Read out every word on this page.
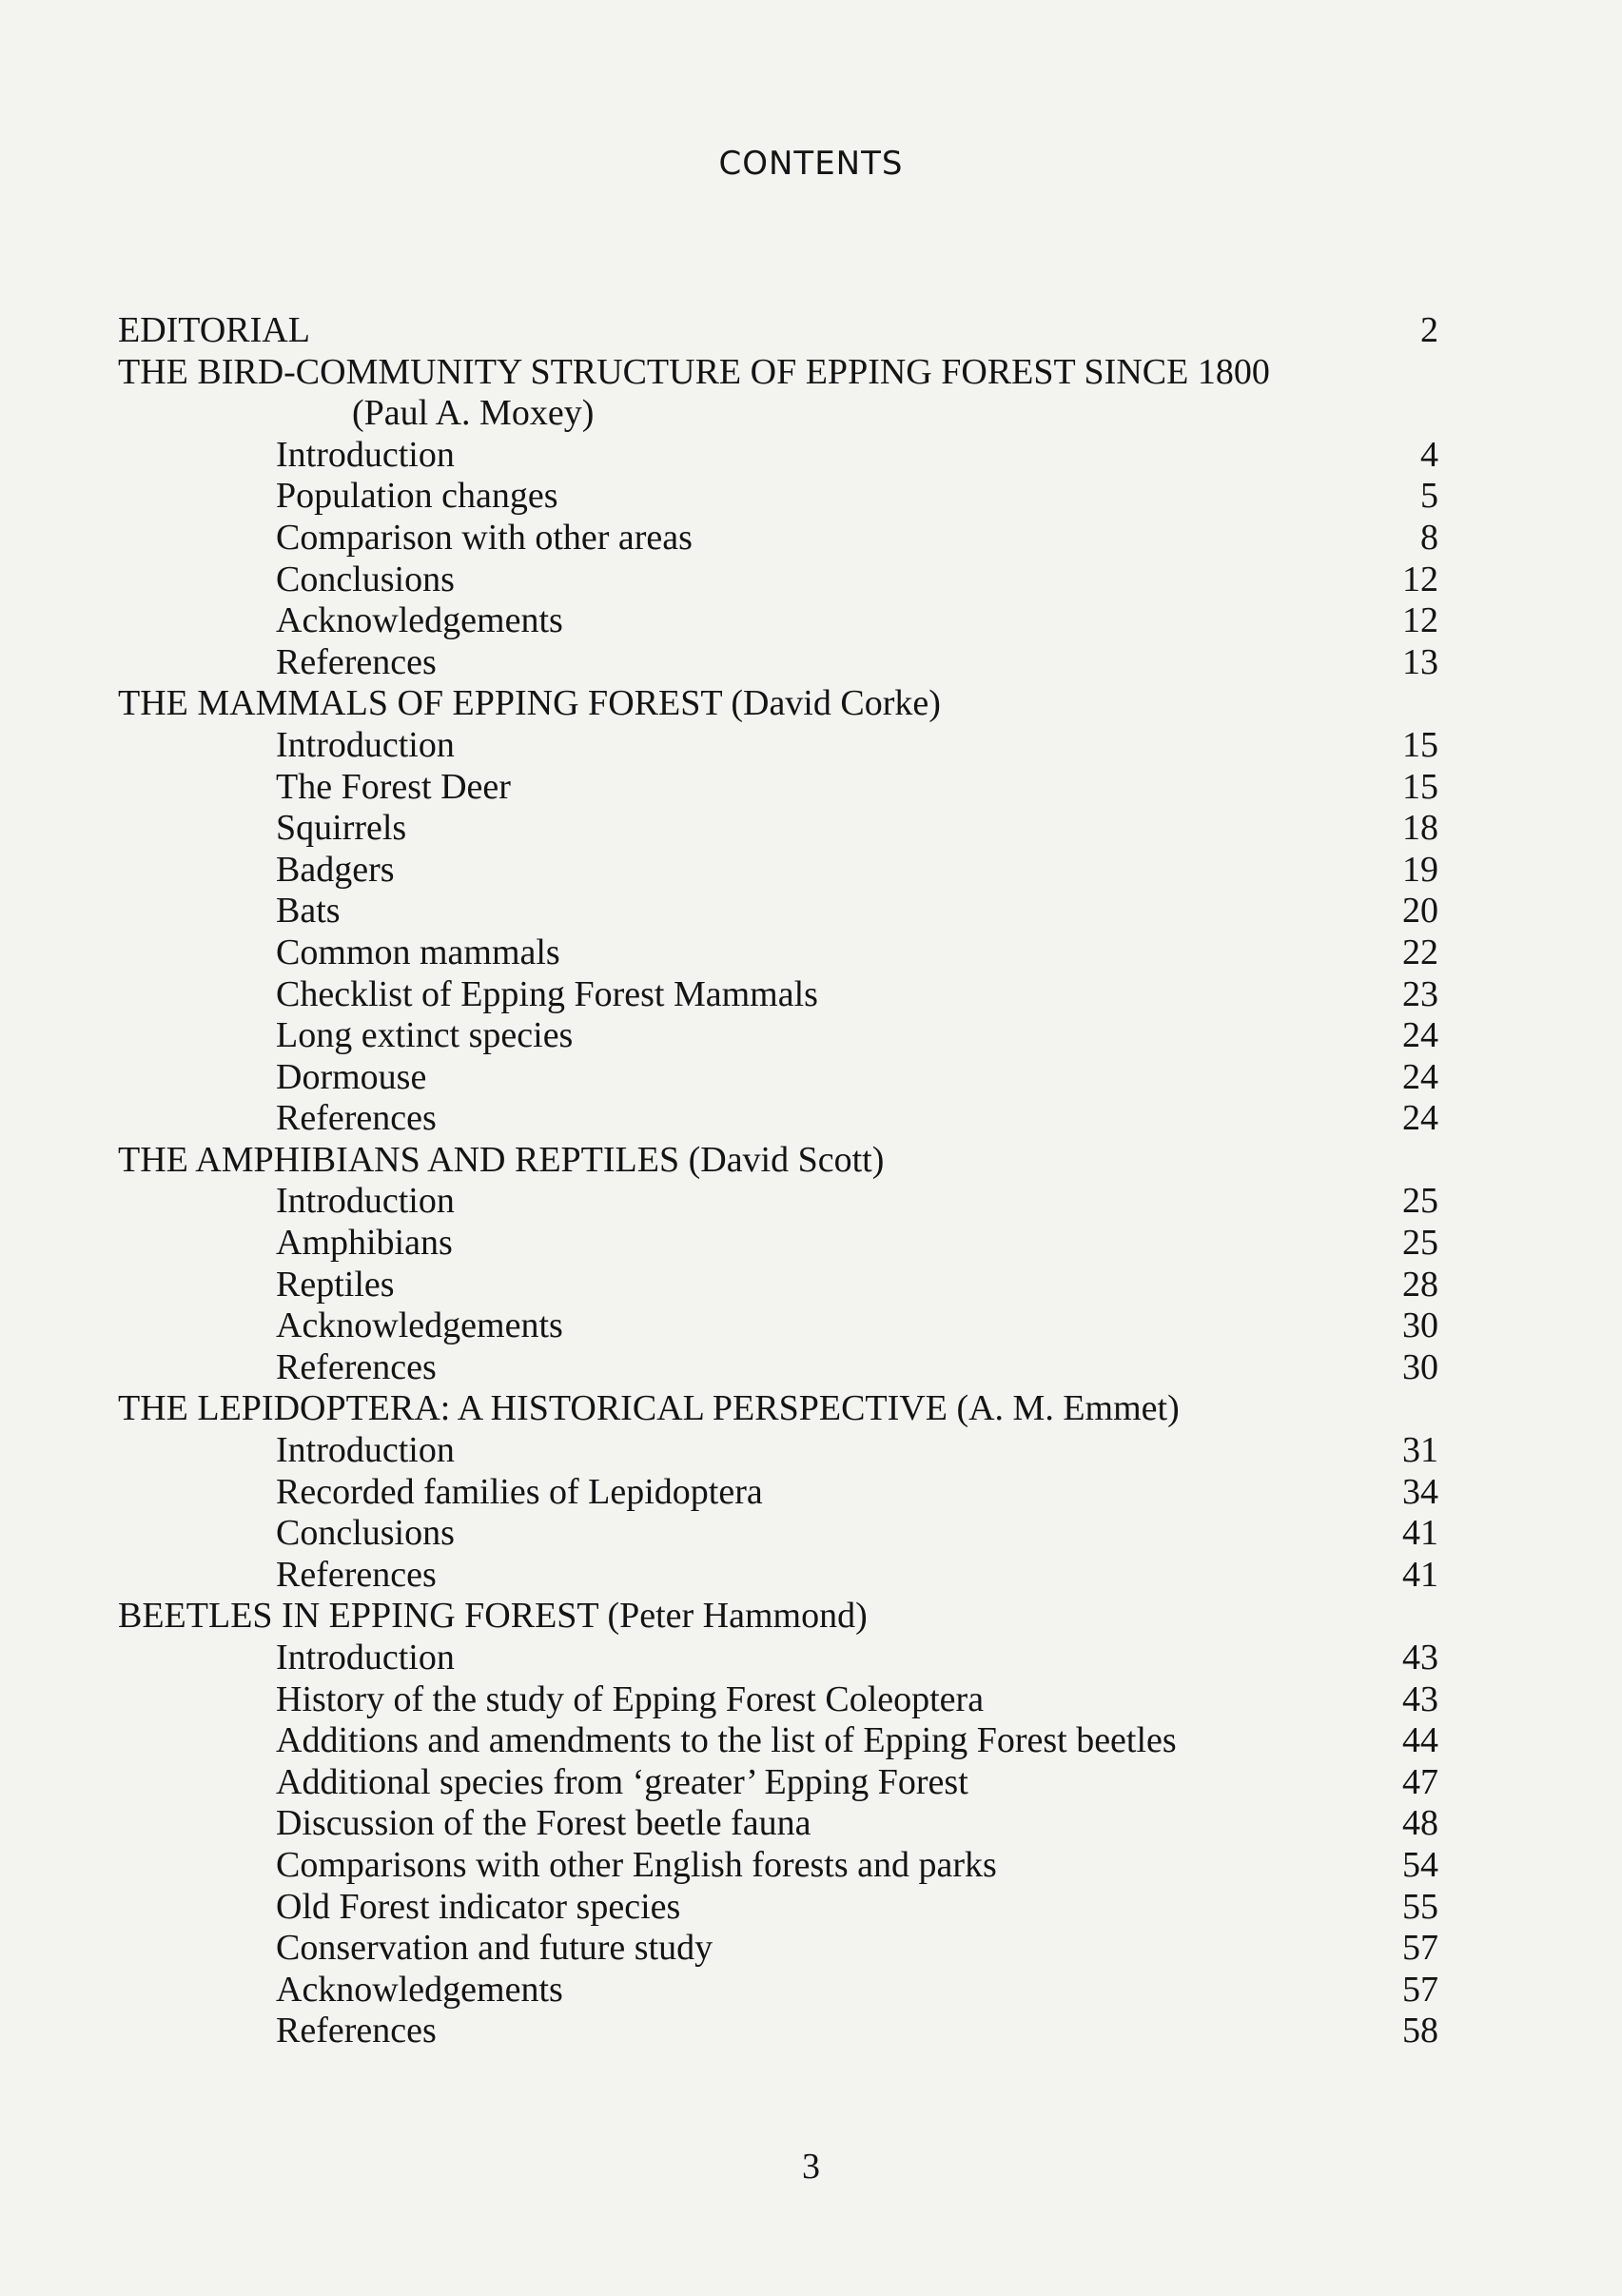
CONTENTS
EDITORIAL	2
THE BIRD-COMMUNITY STRUCTURE OF EPPING FOREST SINCE 1800
(Paul A. Moxey)
Introduction	4
Population changes	5
Comparison with other areas	8
Conclusions	12
Acknowledgements	12
References	13
THE MAMMALS OF EPPING FOREST (David Corke)
Introduction	15
The Forest Deer	15
Squirrels	18
Badgers	19
Bats	20
Common mammals	22
Checklist of Epping Forest Mammals	23
Long extinct species	24
Dormouse	24
References	24
THE AMPHIBIANS AND REPTILES (David Scott)
Introduction	25
Amphibians	25
Reptiles	28
Acknowledgements	30
References	30
THE LEPIDOPTERA: A HISTORICAL PERSPECTIVE (A. M. Emmet)
Introduction	31
Recorded families of Lepidoptera	34
Conclusions	41
References	41
BEETLES IN EPPING FOREST (Peter Hammond)
Introduction	43
History of the study of Epping Forest Coleoptera	43
Additions and amendments to the list of Epping Forest beetles	44
Additional species from ‘greater’ Epping Forest	47
Discussion of the Forest beetle fauna	48
Comparisons with other English forests and parks	54
Old Forest indicator species	55
Conservation and future study	57
Acknowledgements	57
References	58
3
